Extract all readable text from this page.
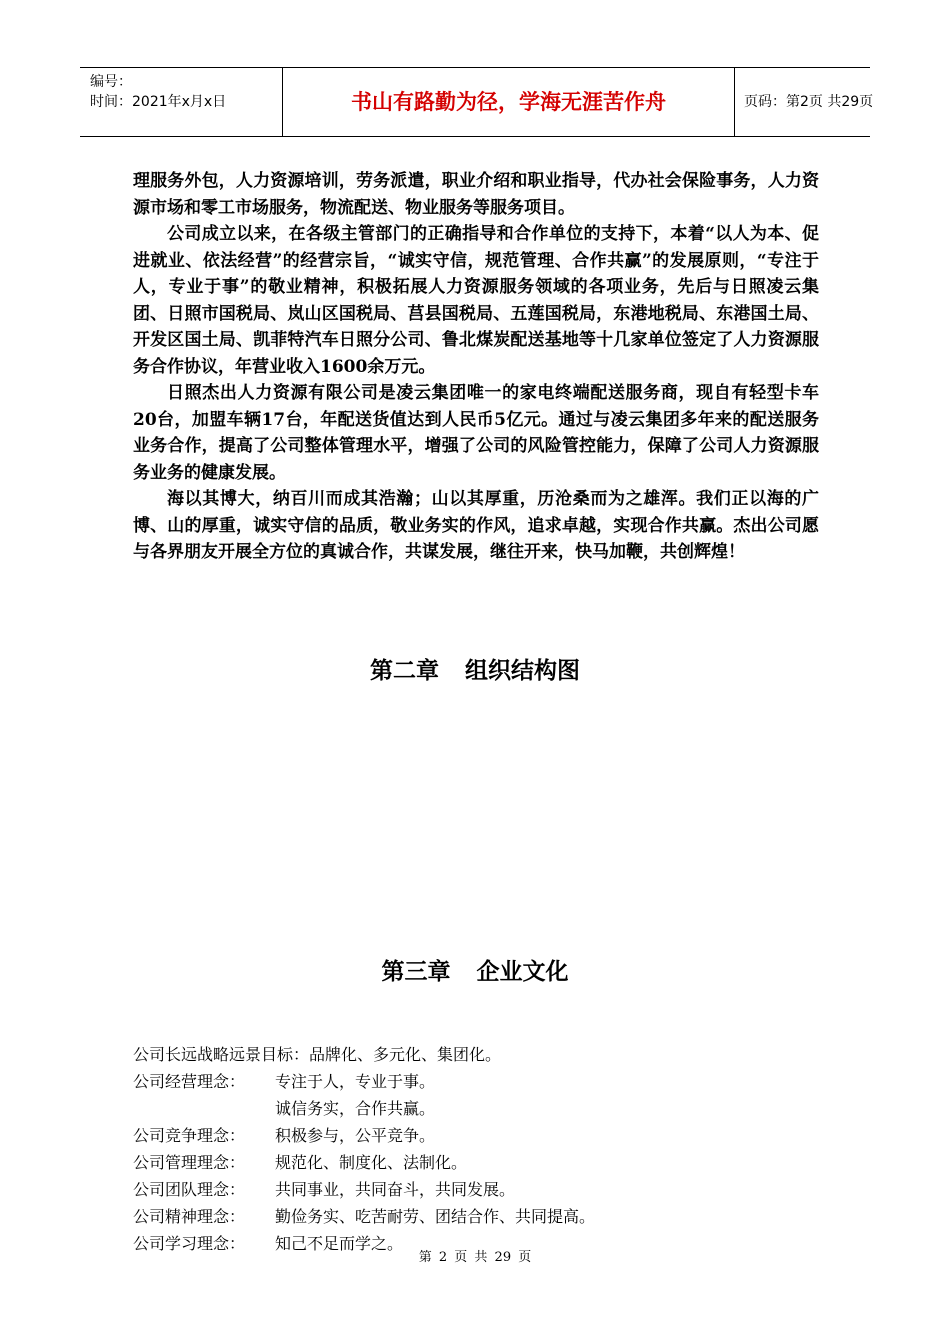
编号：
时间：2021年x月x日	书山有路勤为径，学海无涯苦作舟	页码：第2页 共29页

理服务外包，人力资源培训，劳务派遣，职业介绍和职业指导，代办社会保险事务，人力资源市场和零工市场服务，物流配送、物业服务等服务项目。

公司成立以来，在各级主管部门的正确指导和合作单位的支持下，本着“以人为本、促进就业、依法经营”的经营宗旨，“诚实守信，规范管理、合作共赢”的发展原则，“专注于人，专业于事”的敬业精神，积极拓展人力资源服务领域的各项业务，先后与日照凌云集团、日照市国税局、岚山区国税局、莒县国税局、五莲国税局，东港地税局、东港国土局、开发区国土局、凯菲特汽车日照分公司、鲁北煤炭配送基地等十几家单位签定了人力资源服务合作协议，年营业收入1600余万元。

日照杰出人力资源有限公司是凌云集团唯一的家电终端配送服务商，现自有轻型卡车20台，加盟车辆17台，年配送货值达到人民币5亿元。通过与凌云集团多年来的配送服务业务合作，提高了公司整体管理水平，增强了公司的风险管控能力，保障了公司人力资源服务业务的健康发展。

海以其博大，纳百川而成其浩瀚；山以其厚重，历沧桑而为之雄浑。我们正以海的广博、山的厚重，诚实守信的品质，敬业务实的作风，追求卓越，实现合作共赢。杰出公司愿与各界朋友开展全方位的真诚合作，共谋发展，继往开来，快马加鞭，共创辉煌！

第二章 组织结构图
第三章 企业文化
公司长远战略远景目标：品牌化、多元化、集团化。
公司经营理念：	专注于人，专业于事。
诚信务实，合作共赢。
公司竞争理念：	积极参与，公平竞争。
公司管理理念：	规范化、制度化、法制化。
公司团队理念：	共同事业，共同奋斗，共同发展。
公司精神理念：	勤俭务实、吃苦耐劳、团结合作、共同提高。
公司学习理念：	知己不足而学之。
第 2 页 共 29 页
